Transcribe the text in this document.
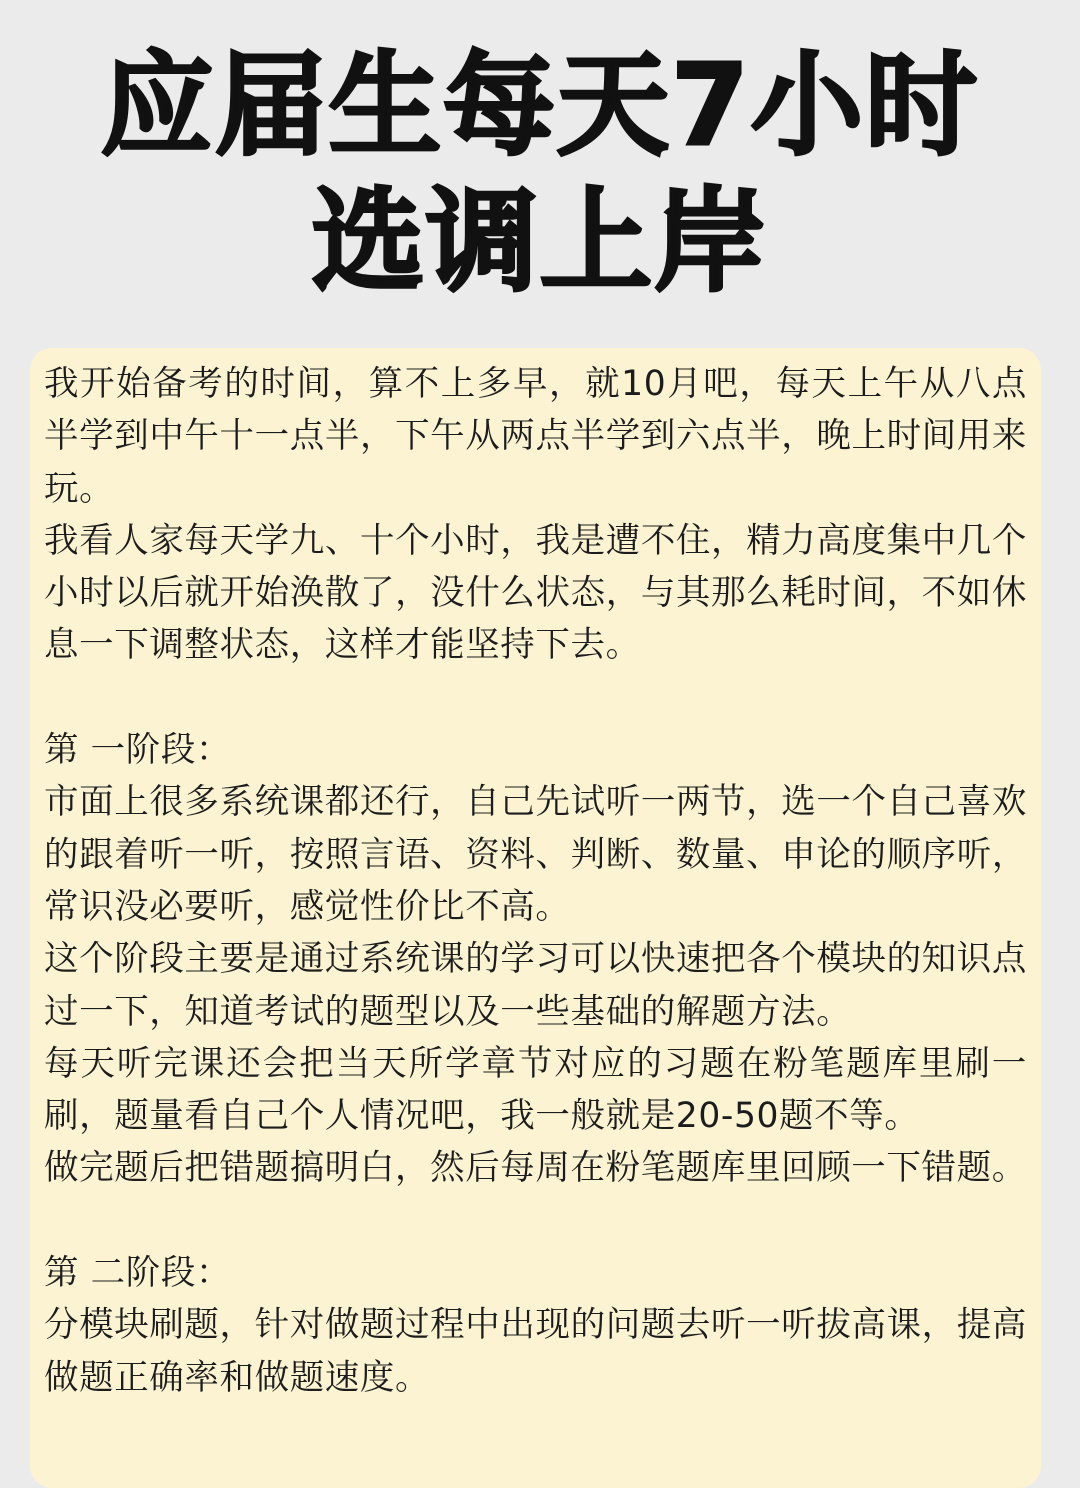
应届生每天7小时
选调上岸

我开始备考的时间，算不上多早，就10月吧，每天上午从八点半学到中午十一点半，下午从两点半学到六点半，晚上时间用来玩。

我看人家每天学九、十个小时，我是遭不住，精力高度集中几个小时以后就开始涣散了，没什么状态，与其那么耗时间，不如休息一下调整状态，这样才能坚持下去。

第 一阶段：

市面上很多系统课都还行，自己先试听一两节，选一个自己喜欢的跟着听一听，按照言语、资料、判断、数量、申论的顺序听，常识没必要听，感觉性价比不高。

这个阶段主要是通过系统课的学习可以快速把各个模块的知识点过一下，知道考试的题型以及一些基础的解题方法。

每天听完课还会把当天所学章节对应的习题在粉笔题库里刷一刷，题量看自己个人情况吧，我一般就是20-50题不等。

做完题后把错题搞明白，然后每周在粉笔题库里回顾一下错题。

第 二阶段：

分模块刷题，针对做题过程中出现的问题去听一听拔高课，提高做题正确率和做题速度。
